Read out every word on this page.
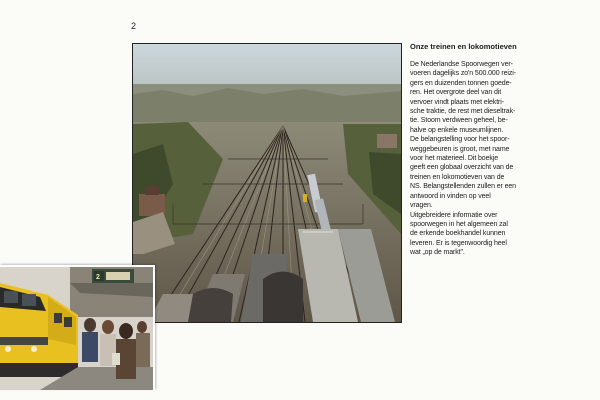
2
2
Onze treinen en lokomotieven

De Nederlandse Spoorwegen ver-

voeren dagelijks zo'n 500.000 reizi-

gers en duizenden tonnen goede-

ren. Het overgrote deel van dit

vervoer vindt plaats met elektri-

sche traktie, de rest met dieseltrak-

tie. Stoom verdween geheel, be-

halve op enkele museumlijnen.

De belangstelling voor het spoor-

weggebeuren is groot, met name

voor het materieel. Dit boekje

geeft een globaal overzicht van de

treinen en lokomotieven van de

NS. Belangstellenden zullen er een

antwoord in vinden op veel

vragen.

Uitgebreidere informatie over

spoorwegen in het algemeen zal

de erkende boekhandel kunnen

leveren. Er is tegenwoordig heel

wat „op de markt".
